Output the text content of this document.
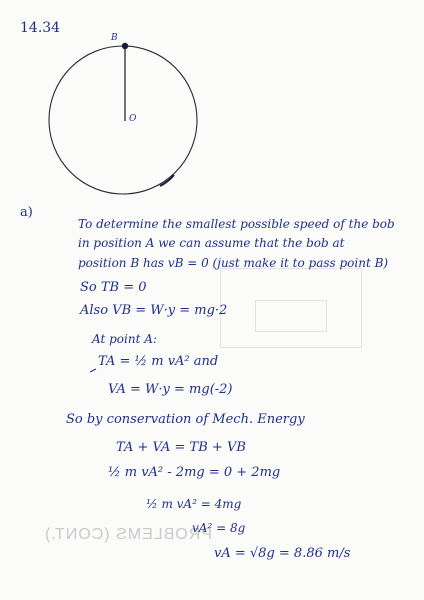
PROBLEMS (CONT.)
14.34
B
O
a)
To determine the smallest possible speed of the bob
in position A we can assume that the bob at
position B has vB = 0 (just make it to pass point B)
So TB = 0
Also VB = W·y = mg·2
At point A:
TA = ½ m vA² and
VA = W·y = mg(-2)
So by conservation of Mech. Energy
TA + VA = TB + VB
½ m vA² - 2mg = 0 + 2mg
½ m vA² = 4mg
vA² = 8g
vA = √8g = 8.86 m/s
